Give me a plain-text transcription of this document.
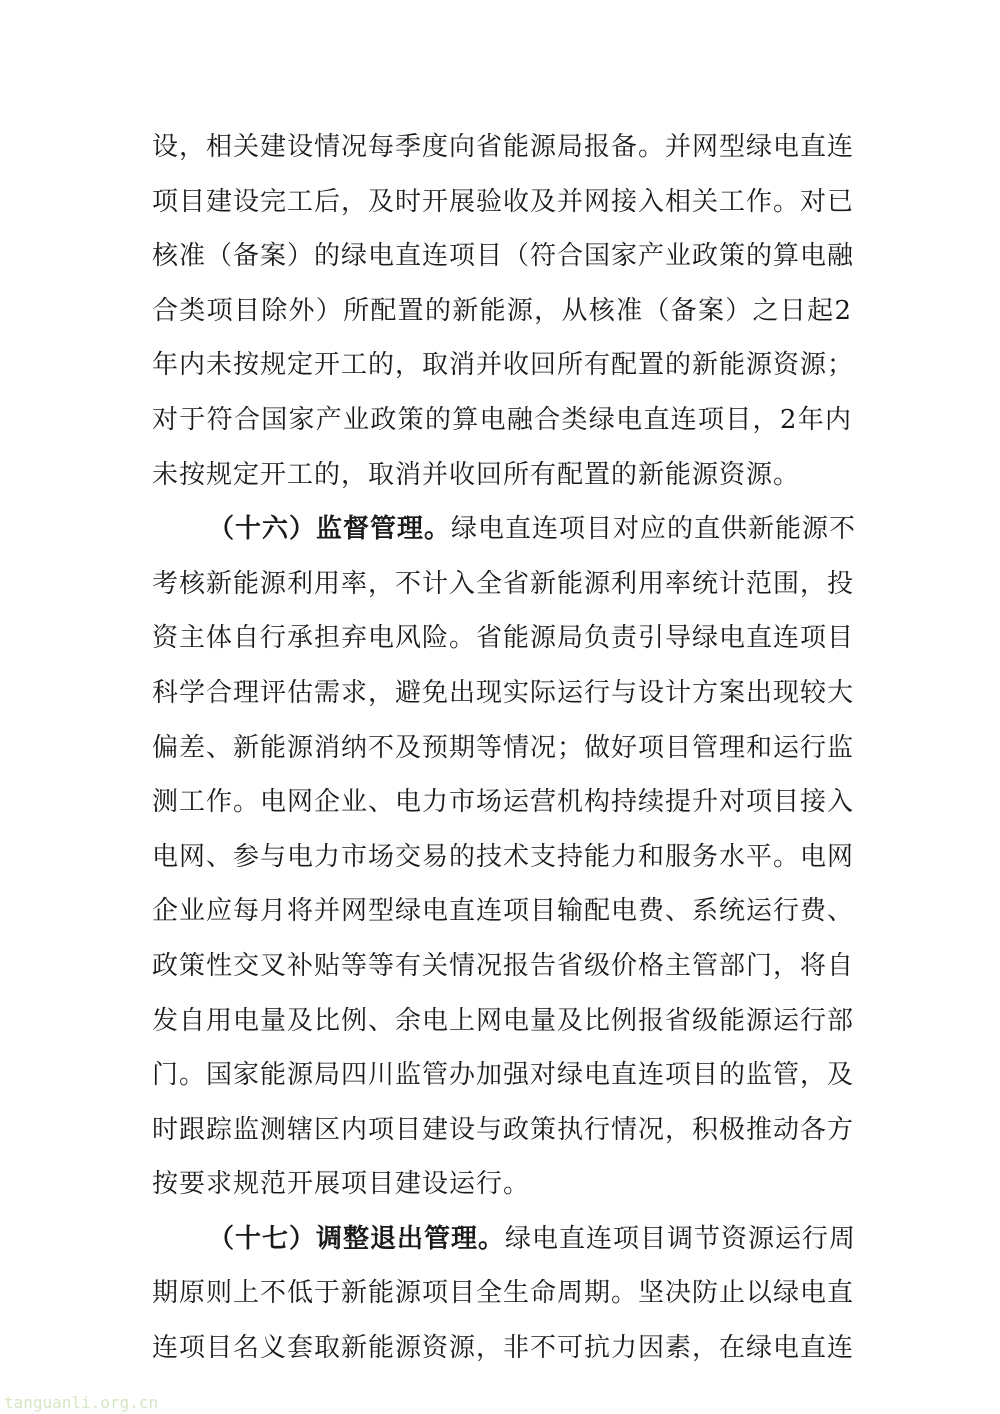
设，相关建设情况每季度向省能源局报备。并网型绿电直连
项目建设完工后，及时开展验收及并网接入相关工作。对已
核准（备案）的绿电直连项目（符合国家产业政策的算电融
合类项目除外）所配置的新能源，从核准（备案）之日起2
年内未按规定开工的，取消并收回所有配置的新能源资源；
对于符合国家产业政策的算电融合类绿电直连项目，2年内
未按规定开工的，取消并收回所有配置的新能源资源。
（十六）监督管理。绿电直连项目对应的直供新能源不
考核新能源利用率，不计入全省新能源利用率统计范围，投
资主体自行承担弃电风险。省能源局负责引导绿电直连项目
科学合理评估需求，避免出现实际运行与设计方案出现较大
偏差、新能源消纳不及预期等情况；做好项目管理和运行监
测工作。电网企业、电力市场运营机构持续提升对项目接入
电网、参与电力市场交易的技术支持能力和服务水平。电网
企业应每月将并网型绿电直连项目输配电费、系统运行费、
政策性交叉补贴等等有关情况报告省级价格主管部门，将自
发自用电量及比例、余电上网电量及比例报省级能源运行部
门。国家能源局四川监管办加强对绿电直连项目的监管，及
时跟踪监测辖区内项目建设与政策执行情况，积极推动各方
按要求规范开展项目建设运行。
（十七）调整退出管理。绿电直连项目调节资源运行周
期原则上不低于新能源项目全生命周期。坚决防止以绿电直
连项目名义套取新能源资源，非不可抗力因素，在绿电直连
tanguanli.org.cn
